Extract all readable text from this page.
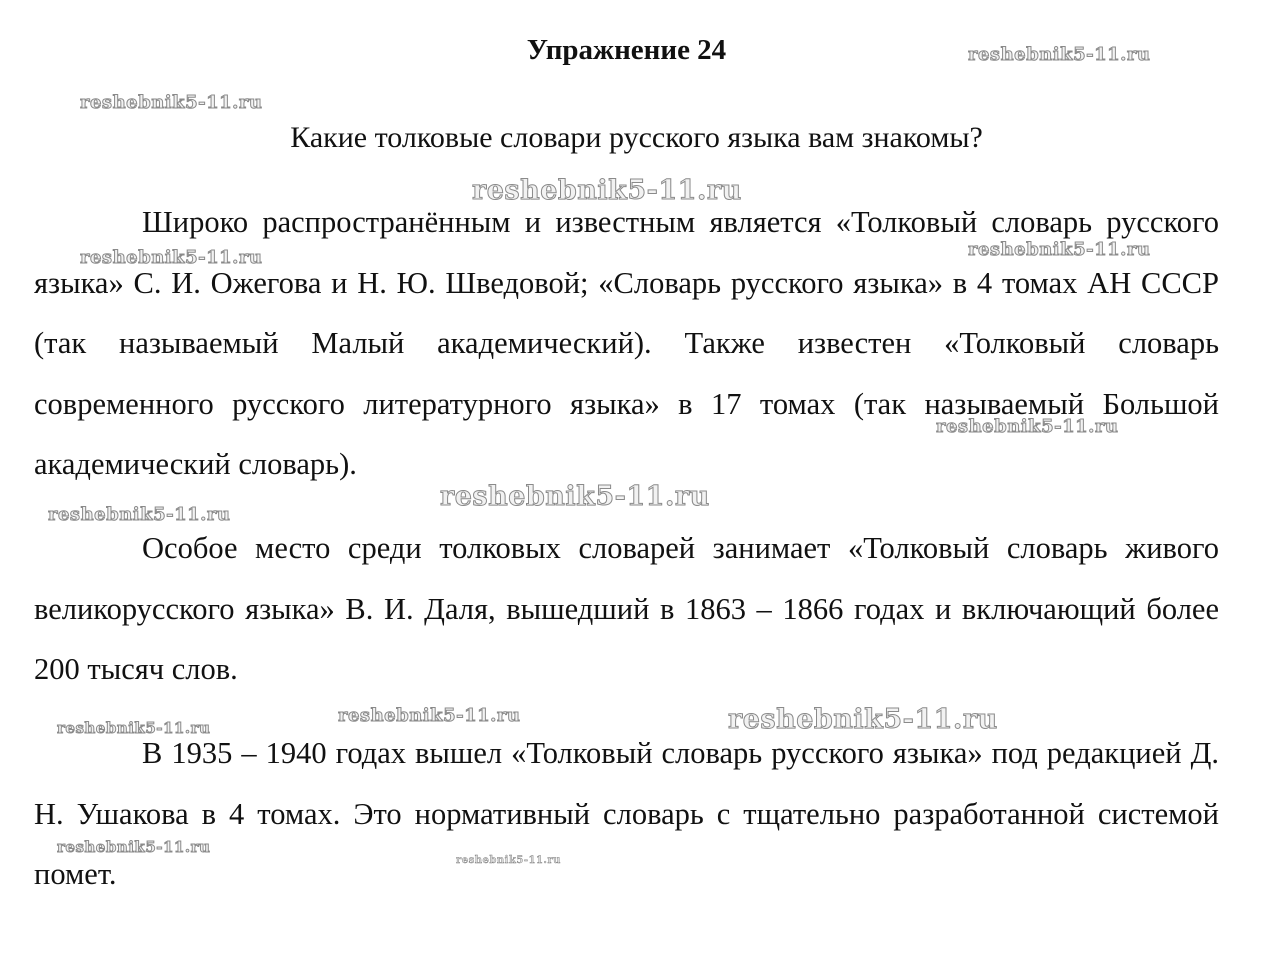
Упражнение 24
Какие толковые словари русского языка вам знакомы?

Широко распространённым и известным является «Толковый словарь русского языка» С. И. Ожегова и Н. Ю. Шведовой; «Словарь русского языка» в 4 томах АН СССР (так называемый Малый академический). Также известен «Толковый словарь современного русского литературного языка» в 17 томах (так называемый Большой академический словарь).

Особое место среди толковых словарей занимает «Толковый словарь живого великорусского языка» В. И. Даля, вышедший в 1863 – 1866 годах и включающий более 200 тысяч слов.

В 1935 – 1940 годах вышел «Толковый словарь русского языка» под редакцией Д. Н. Ушакова в 4 томах. Это нормативный словарь с тщательно разработанной системой помет.

reshebnik5-11.ru
reshebnik5-11.ru
reshebnik5-11.ru
reshebnik5-11.ru	reshebnik5-11.ru
reshebnik5-11.ru
reshebnik5-11.ru
reshebnik5-11.ru
reshebnik5-11.ru	reshebnik5-11.ru
reshebnik5-11.ru
reshebnik5-11.ru
reshebnik5-11.ru
